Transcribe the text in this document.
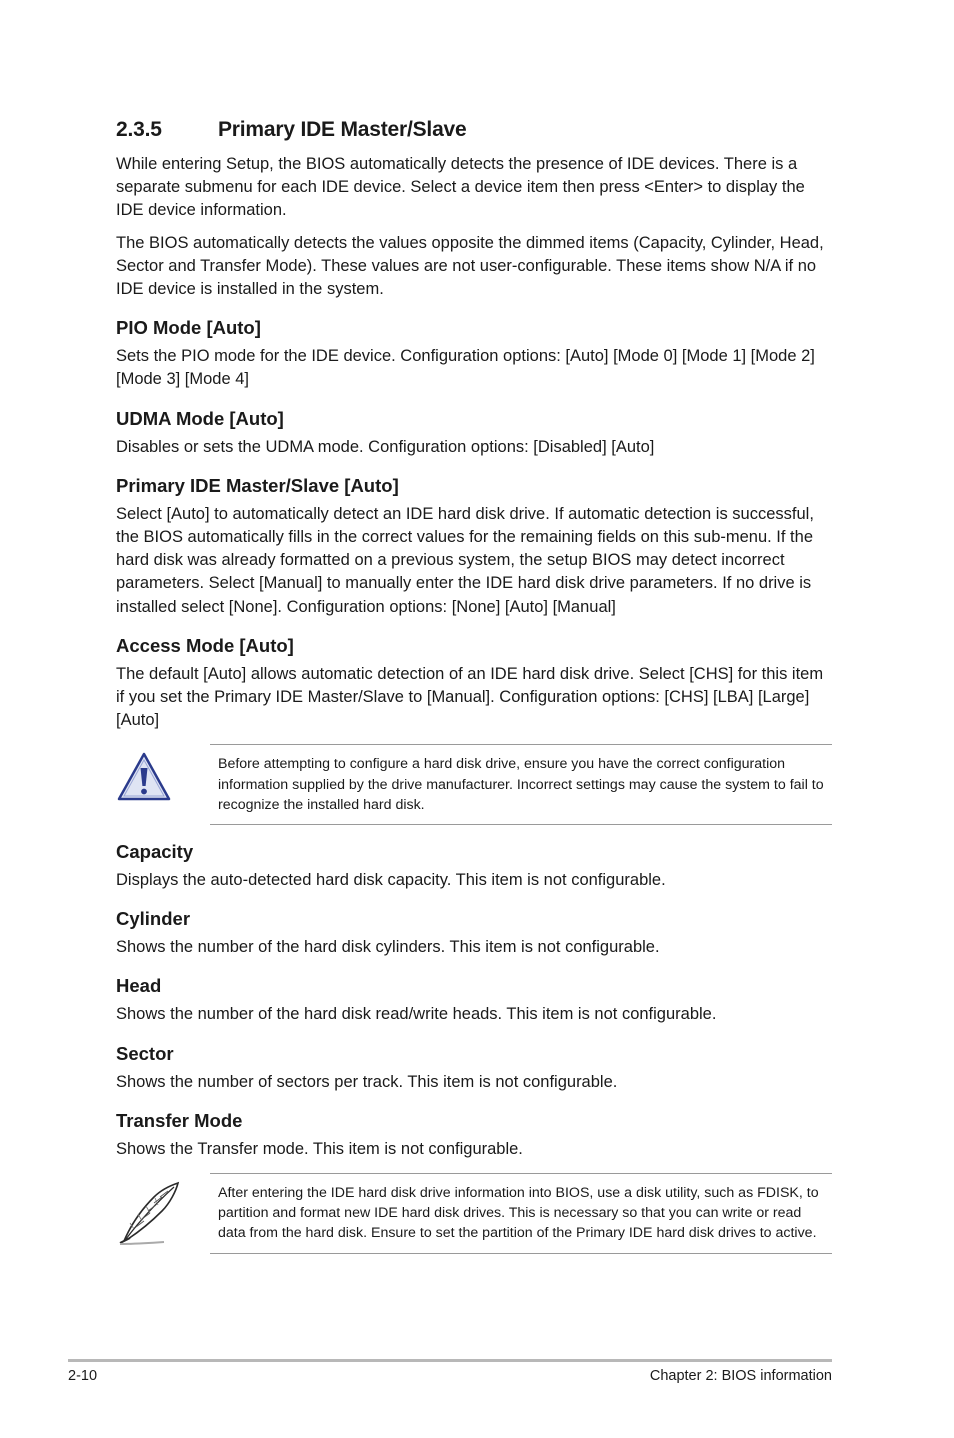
2.3.5	Primary IDE Master/Slave

While entering Setup, the BIOS automatically detects the presence of IDE devices. There is a separate submenu for each IDE device. Select a device item then press <Enter> to display the IDE device information.

The BIOS automatically detects the values opposite the dimmed items (Capacity, Cylinder, Head, Sector and Transfer Mode). These values are not user-configurable. These items show N/A if no IDE device is installed in the system.

PIO Mode [Auto]

Sets the PIO mode for the IDE device. Configuration options: [Auto] [Mode 0] [Mode 1] [Mode 2] [Mode 3] [Mode 4]

UDMA Mode [Auto]

Disables or sets the UDMA mode. Configuration options: [Disabled] [Auto]

Primary IDE Master/Slave [Auto]

Select [Auto] to automatically detect an IDE hard disk drive. If automatic detection is successful, the BIOS automatically fills in the correct values for the remaining fields on this sub-menu. If the hard disk was already formatted on a previous system, the setup BIOS may detect incorrect parameters. Select [Manual] to manually enter the IDE hard disk drive parameters. If no drive is installed select [None]. Configuration options: [None] [Auto] [Manual]

Access Mode [Auto]

The default [Auto] allows automatic detection of an IDE hard disk drive. Select [CHS] for this item if you set the Primary IDE Master/Slave to [Manual]. Configuration options: [CHS] [LBA] [Large] [Auto]

Before attempting to configure a hard disk drive, ensure you have the correct configuration information supplied by the drive manufacturer. Incorrect settings may cause the system to fail to recognize the installed hard disk.
Capacity

Displays the auto-detected hard disk capacity. This item is not configurable.

Cylinder

Shows the number of the hard disk cylinders. This item is not configurable.

Head

Shows the number of the hard disk read/write heads. This item is not configurable.

Sector

Shows the number of sectors per track. This item is not configurable.

Transfer Mode

Shows the Transfer mode. This item is not configurable.

After entering the IDE hard disk drive information into BIOS, use a disk utility, such as FDISK, to partition and format new IDE hard disk drives. This is necessary so that you can write or read data from the hard disk. Ensure to set the partition of the Primary IDE hard disk drives to active.
2-10	Chapter 2: BIOS information
